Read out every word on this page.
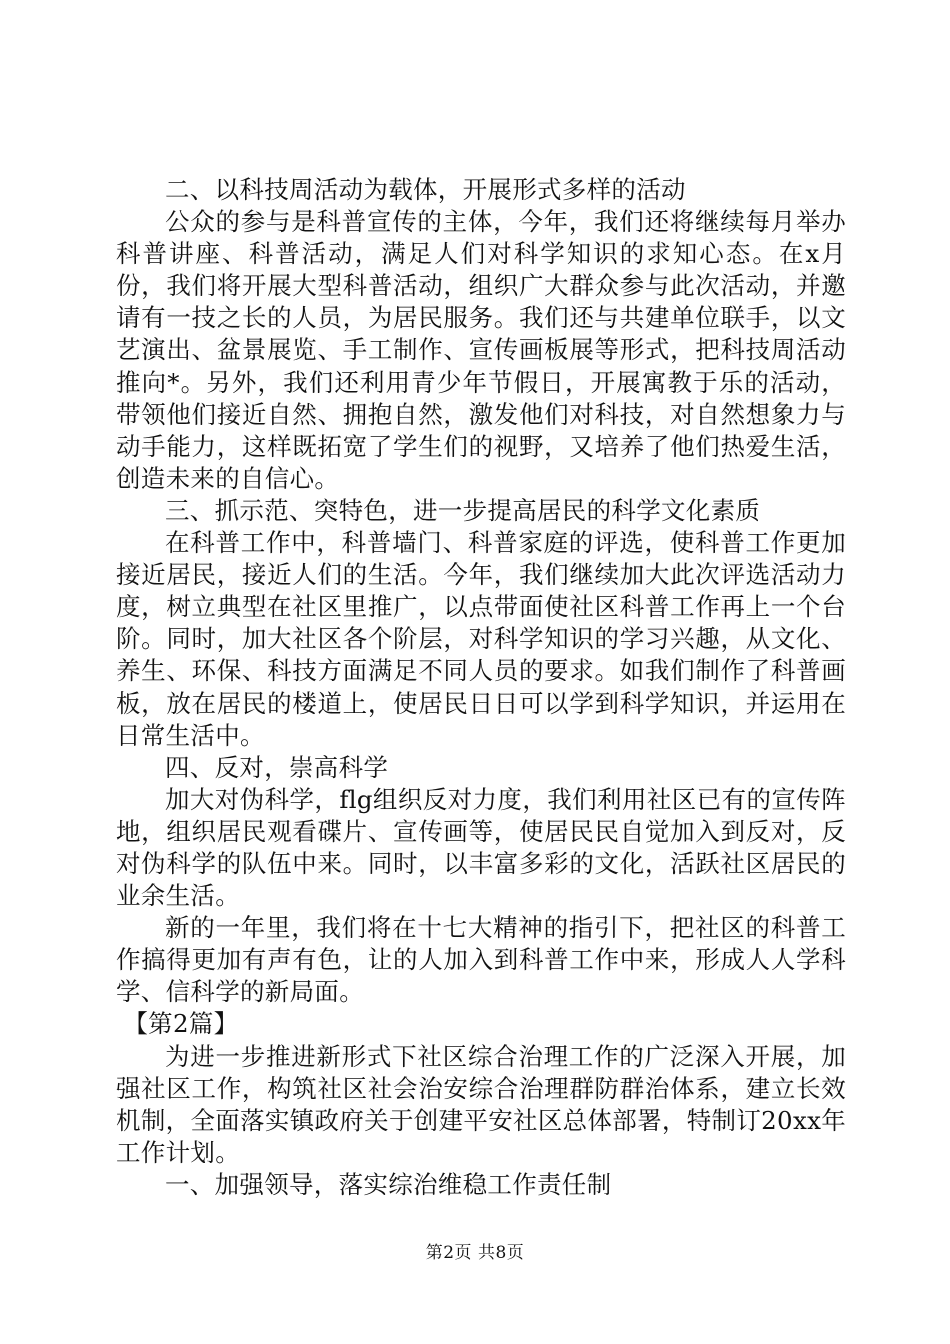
二、以科技周活动为载体，开展形式多样的活动

公众的参与是科普宣传的主体，今年，我们还将继续每月举办科普讲座、科普活动，满足人们对科学知识的求知心态。在x月份，我们将开展大型科普活动，组织广大群众参与此次活动，并邀请有一技之长的人员，为居民服务。我们还与共建单位联手，以文艺演出、盆景展览、手工制作、宣传画板展等形式，把科技周活动推向*。另外，我们还利用青少年节假日，开展寓教于乐的活动，带领他们接近自然、拥抱自然，激发他们对科技，对自然想象力与动手能力，这样既拓宽了学生们的视野，又培养了他们热爱生活，创造未来的自信心。

三、抓示范、突特色，进一步提高居民的科学文化素质

在科普工作中，科普墙门、科普家庭的评选，使科普工作更加接近居民，接近人们的生活。今年，我们继续加大此次评选活动力度，树立典型在社区里推广，以点带面使社区科普工作再上一个台阶。同时，加大社区各个阶层，对科学知识的学习兴趣，从文化、养生、环保、科技方面满足不同人员的要求。如我们制作了科普画板，放在居民的楼道上，使居民日日可以学到科学知识，并运用在日常生活中。

四、反对，崇高科学

加大对伪科学，flg组织反对力度，我们利用社区已有的宣传阵地，组织居民观看碟片、宣传画等，使居民民自觉加入到反对，反对伪科学的队伍中来。同时，以丰富多彩的文化，活跃社区居民的业余生活。

新的一年里，我们将在十七大精神的指引下，把社区的科普工作搞得更加有声有色，让的人加入到科普工作中来，形成人人学科学、信科学的新局面。

【第2篇】

为进一步推进新形式下社区综合治理工作的广泛深入开展，加强社区工作，构筑社区社会治安综合治理群防群治体系，建立长效机制，全面落实镇政府关于创建平安社区总体部署，特制订20xx年工作计划。

一、加强领导，落实综治维稳工作责任制

第2页 共8页
